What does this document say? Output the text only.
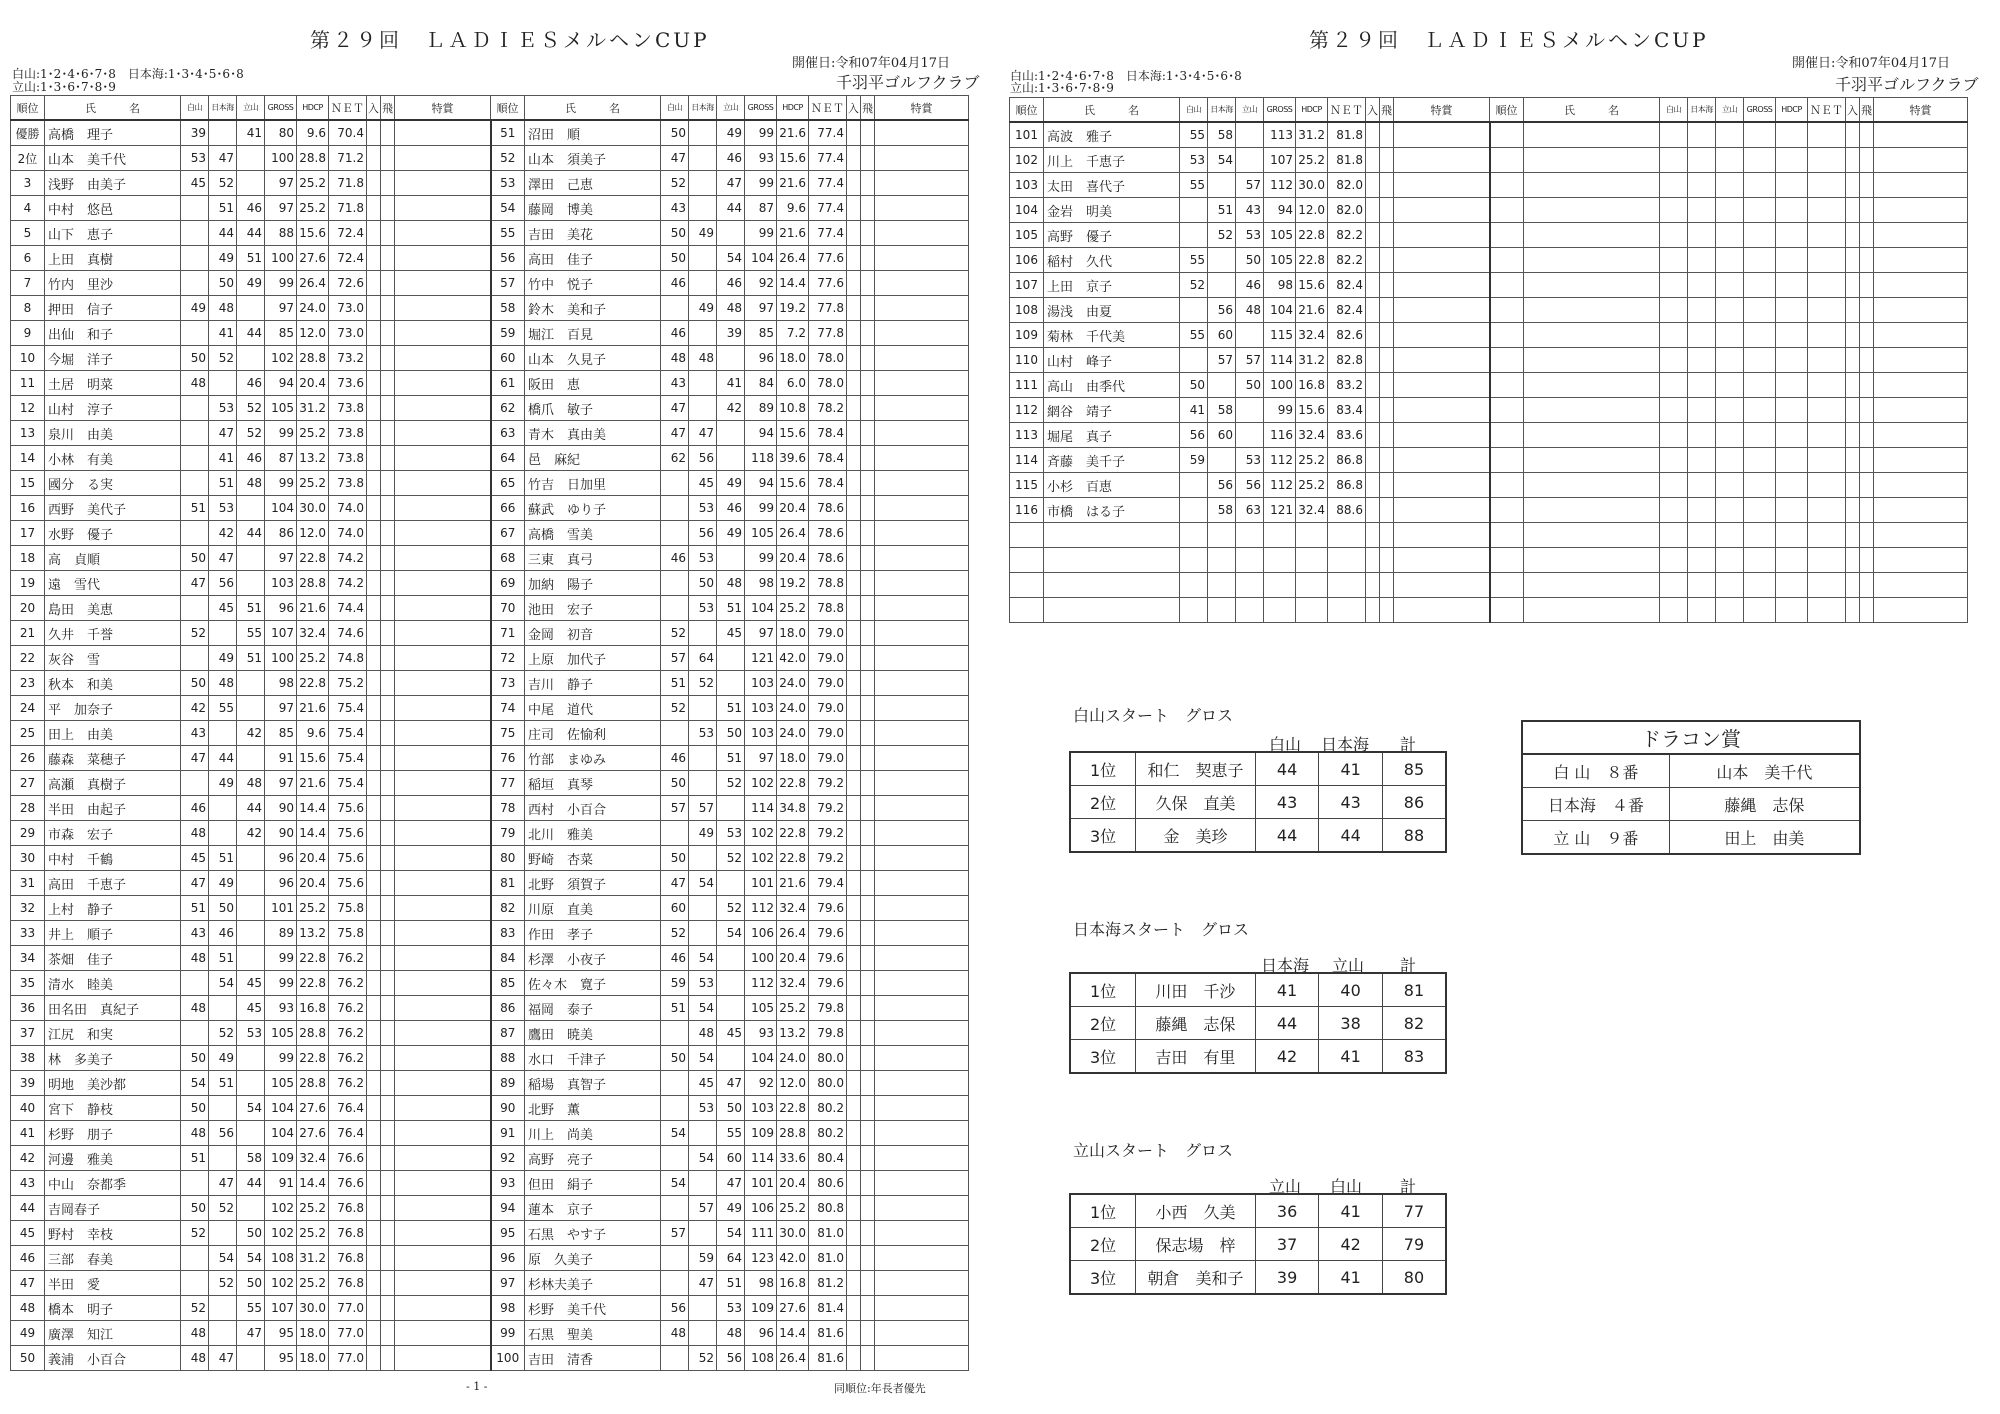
第２９回　ＬＡＤＩＥＳメルヘンCUP
白山:1･2･4･6･7･8　日本海:1･3･4･5･6･8
立山:1･3･6･7･8･9
開催日:令和07年04月17日
千羽平ゴルフクラブ
順位	氏　　　名	白山	日本海	立山	GROSS	HDCP	ＮＥＴ	入	飛	特賞	順位	氏　　　名	白山	日本海	立山	GROSS	HDCP	ＮＥＴ	入	飛	特賞
優勝	高橋　理子	39		41	80	9.6	70.4				51	沼田　順	50		49	99	21.6	77.4			
2位	山本　美千代	53	47		100	28.8	71.2				52	山本　須美子	47		46	93	15.6	77.4			
3	浅野　由美子	45	52		97	25.2	71.8				53	澤田　己恵	52		47	99	21.6	77.4			
4	中村　悠邑		51	46	97	25.2	71.8				54	藤岡　博美	43		44	87	9.6	77.4			
5	山下　恵子		44	44	88	15.6	72.4				55	吉田　美花	50	49		99	21.6	77.4			
6	上田　真樹		49	51	100	27.6	72.4				56	高田　佳子	50		54	104	26.4	77.6			
7	竹内　里沙		50	49	99	26.4	72.6				57	竹中　悦子	46		46	92	14.4	77.6			
8	押田　信子	49	48		97	24.0	73.0				58	鈴木　美和子		49	48	97	19.2	77.8			
9	出仙　和子		41	44	85	12.0	73.0				59	堀江　百見	46		39	85	7.2	77.8			
10	今堀　洋子	50	52		102	28.8	73.2				60	山本　久見子	48	48		96	18.0	78.0			
11	土居　明菜	48		46	94	20.4	73.6				61	阪田　恵	43		41	84	6.0	78.0			
12	山村　淳子		53	52	105	31.2	73.8				62	橋爪　敏子	47		42	89	10.8	78.2			
13	泉川　由美		47	52	99	25.2	73.8				63	青木　真由美	47	47		94	15.6	78.4			
14	小林　有美		41	46	87	13.2	73.8				64	邑　麻紀	62	56		118	39.6	78.4			
15	國分　る実		51	48	99	25.2	73.8				65	竹吉　日加里		45	49	94	15.6	78.4			
16	西野　美代子	51	53		104	30.0	74.0				66	蘇武　ゆり子		53	46	99	20.4	78.6			
17	水野　優子		42	44	86	12.0	74.0				67	高橋　雪美		56	49	105	26.4	78.6			
18	高　貞順	50	47		97	22.8	74.2				68	三東　真弓	46	53		99	20.4	78.6			
19	遠　雪代	47	56		103	28.8	74.2				69	加納　陽子		50	48	98	19.2	78.8			
20	島田　美恵		45	51	96	21.6	74.4				70	池田　宏子		53	51	104	25.2	78.8			
21	久井　千誉	52		55	107	32.4	74.6				71	金岡　初音	52		45	97	18.0	79.0			
22	灰谷　雪		49	51	100	25.2	74.8				72	上原　加代子	57	64		121	42.0	79.0			
23	秋本　和美	50	48		98	22.8	75.2				73	吉川　静子	51	52		103	24.0	79.0			
24	平　加奈子	42	55		97	21.6	75.4				74	中尾　道代	52		51	103	24.0	79.0			
25	田上　由美	43		42	85	9.6	75.4				75	庄司　佐愉利		53	50	103	24.0	79.0			
26	藤森　菜穂子	47	44		91	15.6	75.4				76	竹部　まゆみ	46		51	97	18.0	79.0			
27	高瀬　真樹子		49	48	97	21.6	75.4				77	稲垣　真琴	50		52	102	22.8	79.2			
28	半田　由起子	46		44	90	14.4	75.6				78	西村　小百合	57	57		114	34.8	79.2			
29	市森　宏子	48		42	90	14.4	75.6				79	北川　雅美		49	53	102	22.8	79.2			
30	中村　千鶴	45	51		96	20.4	75.6				80	野崎　杏菜	50		52	102	22.8	79.2			
31	高田　千恵子	47	49		96	20.4	75.6				81	北野　須賀子	47	54		101	21.6	79.4			
32	上村　静子	51	50		101	25.2	75.8				82	川原　直美	60		52	112	32.4	79.6			
33	井上　順子	43	46		89	13.2	75.8				83	作田　孝子	52		54	106	26.4	79.6			
34	茶畑　佳子	48	51		99	22.8	76.2				84	杉澤　小夜子	46	54		100	20.4	79.6			
35	清水　睦美		54	45	99	22.8	76.2				85	佐々木　寛子	59	53		112	32.4	79.6			
36	田名田　真紀子	48		45	93	16.8	76.2				86	福岡　泰子	51	54		105	25.2	79.8			
37	江尻　和実		52	53	105	28.8	76.2				87	鷹田　暁美		48	45	93	13.2	79.8			
38	林　多美子	50	49		99	22.8	76.2				88	水口　千津子	50	54		104	24.0	80.0			
39	明地　美沙都	54	51		105	28.8	76.2				89	稲場　真智子		45	47	92	12.0	80.0			
40	宮下　静枝	50		54	104	27.6	76.4				90	北野　薫		53	50	103	22.8	80.2			
41	杉野　朋子	48	56		104	27.6	76.4				91	川上　尚美	54		55	109	28.8	80.2			
42	河邊　雅美	51		58	109	32.4	76.6				92	高野　亮子		54	60	114	33.6	80.4			
43	中山　奈都季		47	44	91	14.4	76.6				93	但田　絹子	54		47	101	20.4	80.6			
44	吉岡春子	50	52		102	25.2	76.8				94	蓮本　京子		57	49	106	25.2	80.8			
45	野村　幸枝	52		50	102	25.2	76.8				95	石黒　やす子	57		54	111	30.0	81.0			
46	三部　春美		54	54	108	31.2	76.8				96	原　久美子		59	64	123	42.0	81.0			
47	半田　愛		52	50	102	25.2	76.8				97	杉林夫美子		47	51	98	16.8	81.2			
48	橋本　明子	52		55	107	30.0	77.0				98	杉野　美千代	56		53	109	27.6	81.4			
49	廣澤　知江	48		47	95	18.0	77.0				99	石黒　聖美	48		48	96	14.4	81.6			
50	義浦　小百合	48	47		95	18.0	77.0				100	吉田　清香		52	56	108	26.4	81.6			
- 1 -	同順位:年長者優先
第２９回　ＬＡＤＩＥＳメルヘンCUP
白山:1･2･4･6･7･8　日本海:1･3･4･5･6･8
立山:1･3･6･7･8･9
開催日:令和07年04月17日
千羽平ゴルフクラブ
順位	氏　　　名	白山	日本海	立山	GROSS	HDCP	ＮＥＴ	入	飛	特賞	順位	氏　　　名	白山	日本海	立山	GROSS	HDCP	ＮＥＴ	入	飛	特賞
101	高波　雅子	55	58		113	31.2	81.8														
102	川上　千恵子	53	54		107	25.2	81.8														
103	太田　喜代子	55		57	112	30.0	82.0														
104	金岩　明美		51	43	94	12.0	82.0														
105	高野　優子		52	53	105	22.8	82.2														
106	稲村　久代	55		50	105	22.8	82.2														
107	上田　京子	52		46	98	15.6	82.4														
108	湯浅　由夏		56	48	104	21.6	82.4														
109	菊林　千代美	55	60		115	32.4	82.6														
110	山村　峰子		57	57	114	31.2	82.8														
111	高山　由季代	50		50	100	16.8	83.2														
112	網谷　靖子	41	58		99	15.6	83.4														
113	堀尾　真子	56	60		116	32.4	83.6														
114	斉藤　美千子	59		53	112	25.2	86.8														
115	小杉　百恵		56	56	112	25.2	86.8														
116	市橋　はる子		58	63	121	32.4	88.6														

白山スタート　グロス
白山	日本海	計
1位	和仁　契恵子	44	41	85
2位	久保　直美	43	43	86
3位	金　美珍	44	44	88
ドラコン賞	
白 山　８番	山本　美千代
日本海　４番	藤縄　志保
立 山　９番	田上　由美
日本海スタート　グロス
日本海	立山	計
1位	川田　千沙	41	40	81
2位	藤縄　志保	44	38	82
3位	吉田　有里	42	41	83
立山スタート　グロス
立山	白山	計
1位	小西　久美	36	41	77
2位	保志場　梓	37	42	79
3位	朝倉　美和子	39	41	80
